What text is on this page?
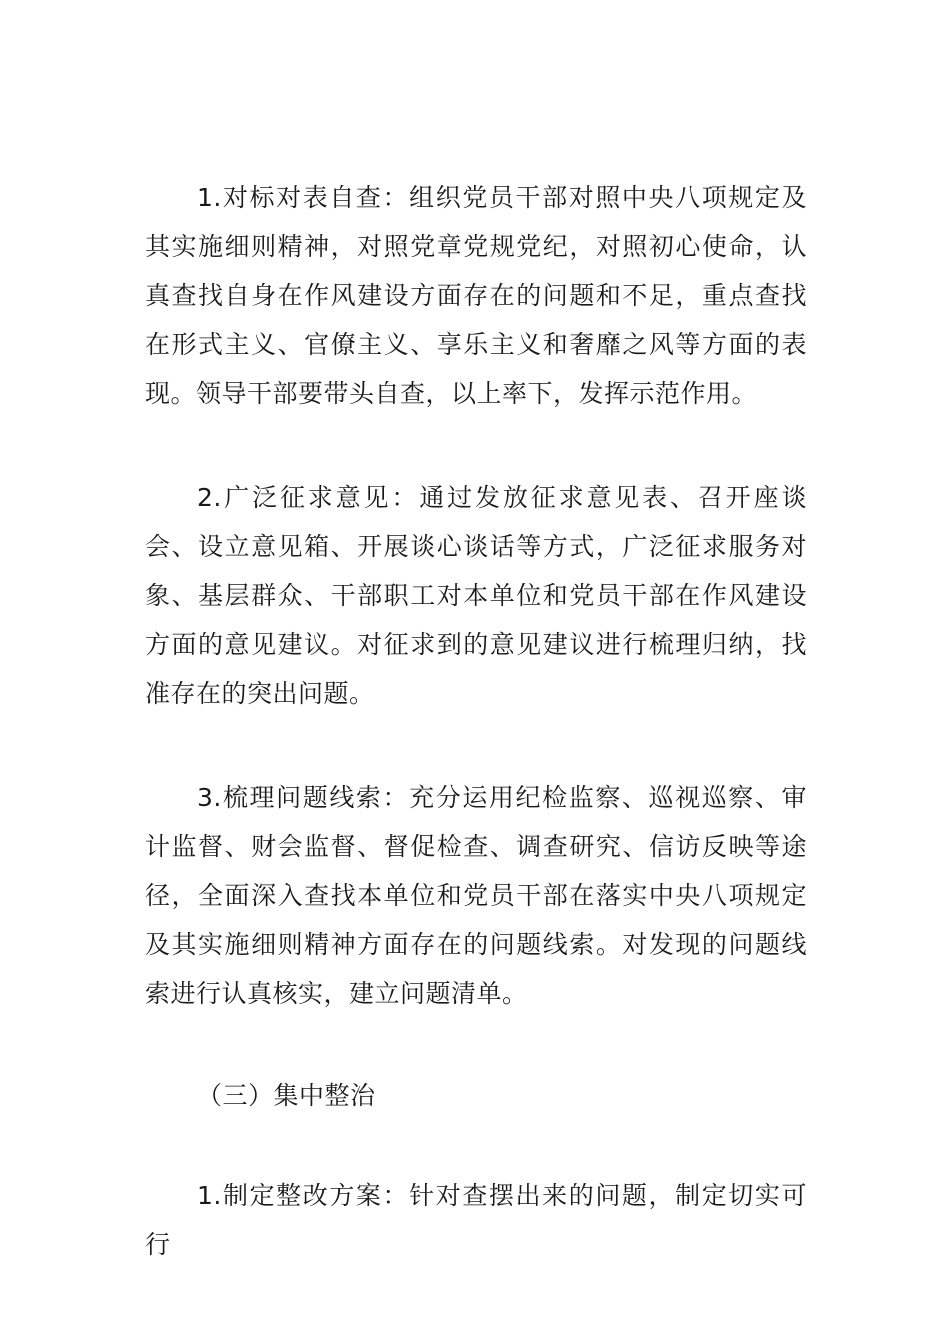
1.对标对表自查：组织党员干部对照中央八项规定及其实施细则精神，对照党章党规党纪，对照初心使命，认真查找自身在作风建设方面存在的问题和不足，重点查找在形式主义、官僚主义、享乐主义和奢靡之风等方面的表现。领导干部要带头自查，以上率下，发挥示范作用。

2.广泛征求意见：通过发放征求意见表、召开座谈会、设立意见箱、开展谈心谈话等方式，广泛征求服务对象、基层群众、干部职工对本单位和党员干部在作风建设方面的意见建议。对征求到的意见建议进行梳理归纳，找准存在的突出问题。

3.梳理问题线索：充分运用纪检监察、巡视巡察、审计监督、财会监督、督促检查、调查研究、信访反映等途径，全面深入查找本单位和党员干部在落实中央八项规定及其实施细则精神方面存在的问题线索。对发现的问题线索进行认真核实，建立问题清单。

（三）集中整治

1.制定整改方案：针对查摆出来的问题，制定切实可行
